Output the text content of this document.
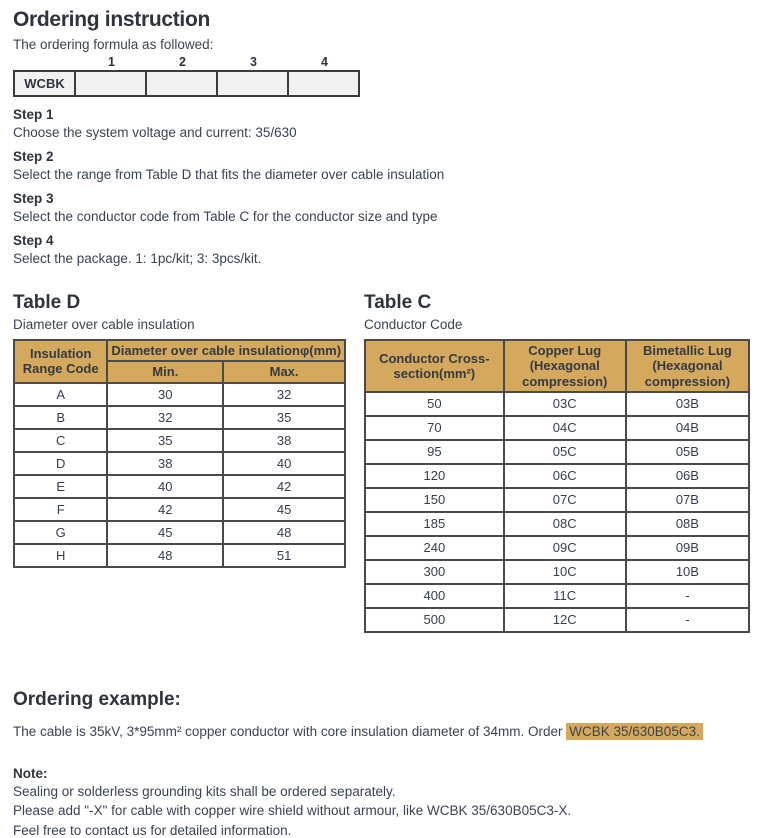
Ordering instruction

The ordering formula as followed:

1	2	3	4
WCBK

Step 1

Choose the system voltage and current: 35/630

Step 2

Select the range from Table D that fits the diameter over cable insulation

Step 3

Select the conductor code from Table C for the conductor size and type

Step 4

Select the package. 1: 1pc/kit; 3: 3pcs/kit.

Table D

Diameter over cable insulation

Insulation Range Code	Diameter over cable insulationφ(mm)	
	Min.	Max.
A	30	32
B	32	35
C	35	38
D	38	40
E	40	42
F	42	45
G	45	48
H	48	51

Table C

Conductor Code

Conductor Cross-section(mm²)	Copper Lug (Hexagonal compression)	Bimetallic Lug (Hexagonal compression)
50	03C	03B
70	04C	04B
95	05C	05B
120	06C	06B
150	07C	07B
185	08C	08B
240	09C	09B
300	10C	10B
400	11C	-
500	12C	-

Ordering example:

The cable is 35kV, 3*95mm² copper conductor with core insulation diameter of 34mm. Order WCBK 35/630B05C3.

Note:

Sealing or solderless grounding kits shall be ordered separately.

Please add "-X" for cable with copper wire shield without armour, like WCBK 35/630B05C3-X.

Feel free to contact us for detailed information.
